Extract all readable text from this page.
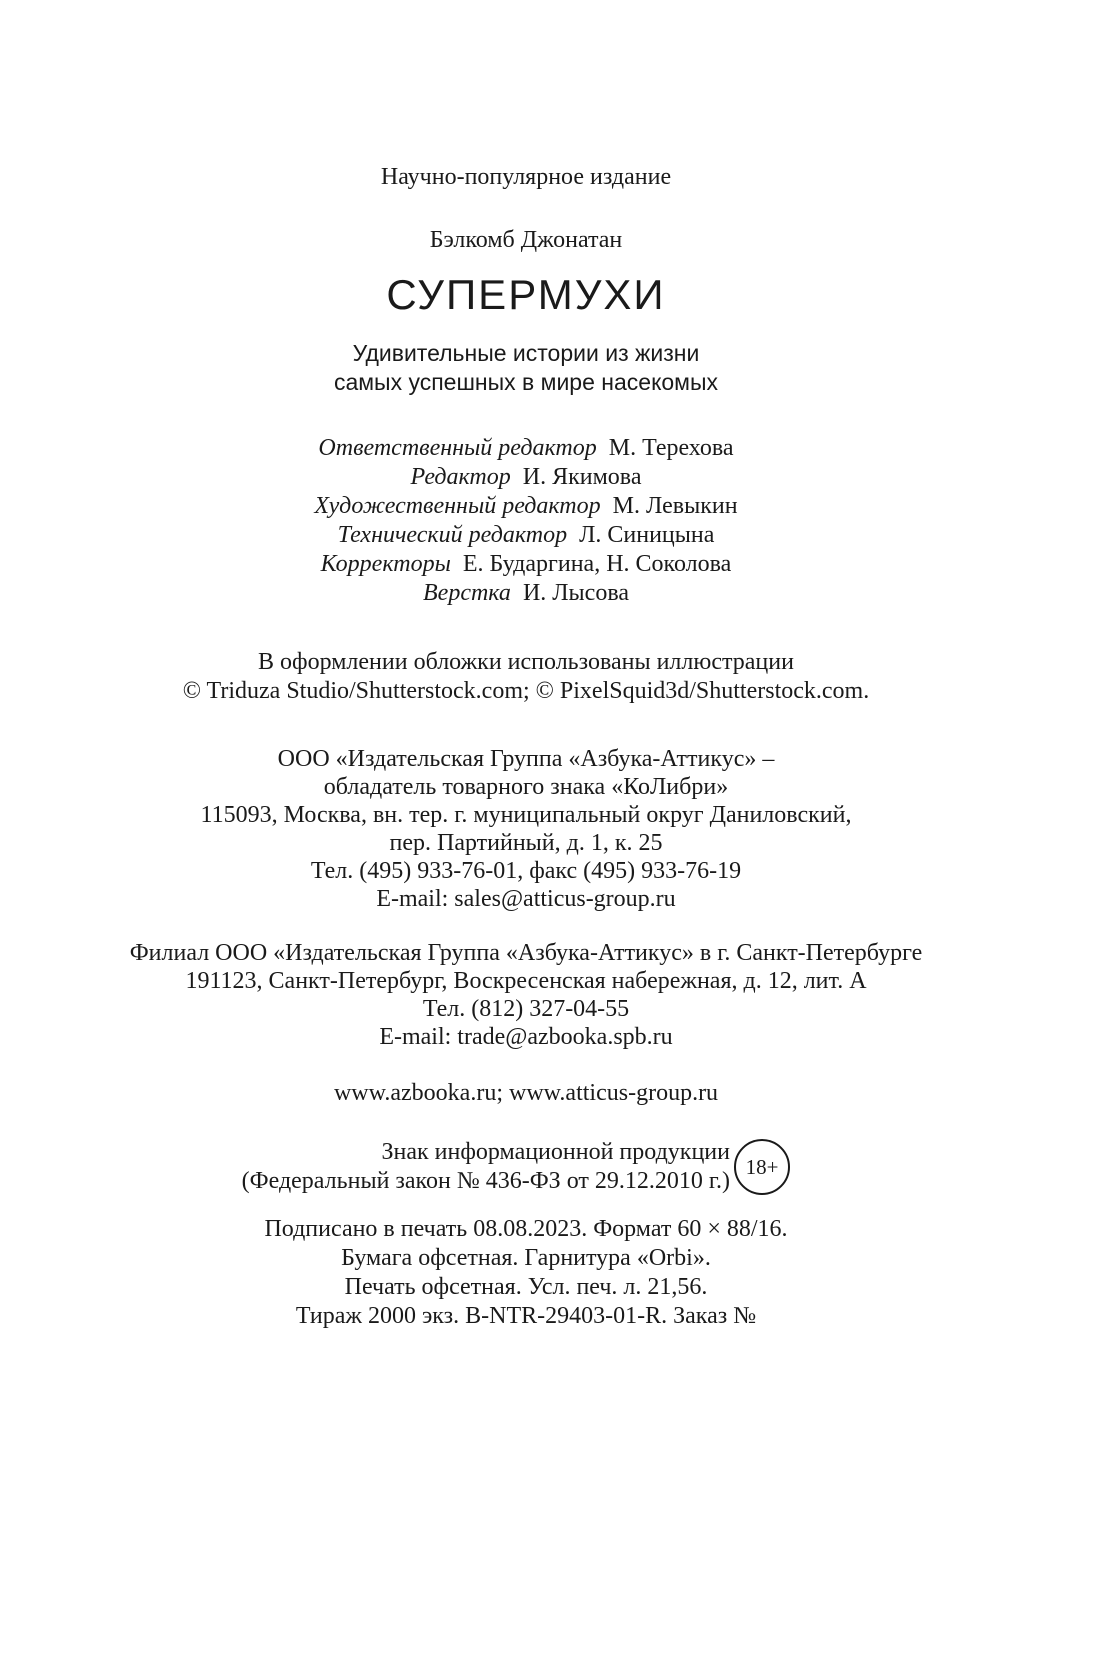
Научно-популярное издание
Бэлкомб Джонатан
СУПЕРМУХИ
Удивительные истории из жизни
самых успешных в мире насекомых
Ответственный редактор М. Терехова
Редактор И. Якимова
Художественный редактор М. Левыкин
Технический редактор Л. Синицына
Корректоры Е. Бударгина, Н. Соколова
Верстка И. Лысова
В оформлении обложки использованы иллюстрации
© Triduza Studio/Shutterstock.com; © PixelSquid3d/Shutterstock.com.
ООО «Издательская Группа «Азбука-Аттикус» –
обладатель товарного знака «КоЛибри»
115093, Москва, вн. тер. г. муниципальный округ Даниловский,
пер. Партийный, д. 1, к. 25
Тел. (495) 933-76-01, факс (495) 933-76-19
E-mail: sales@atticus-group.ru
Филиал ООО «Издательская Группа «Азбука-Аттикус» в г. Санкт-Петербурге
191123, Санкт-Петербург, Воскресенская набережная, д. 12, лит. А
Тел. (812) 327-04-55
E-mail: trade@azbooka.spb.ru
www.azbooka.ru; www.atticus-group.ru
Знак информационной продукции
(Федеральный закон № 436-ФЗ от 29.12.2010 г.)
18+
Подписано в печать 08.08.2023. Формат 60 × 88/16.
Бумага офсетная. Гарнитура «Orbi».
Печать офсетная. Усл. печ. л. 21,56.
Тираж 2000 экз. B-NTR-29403-01-R. Заказ №
